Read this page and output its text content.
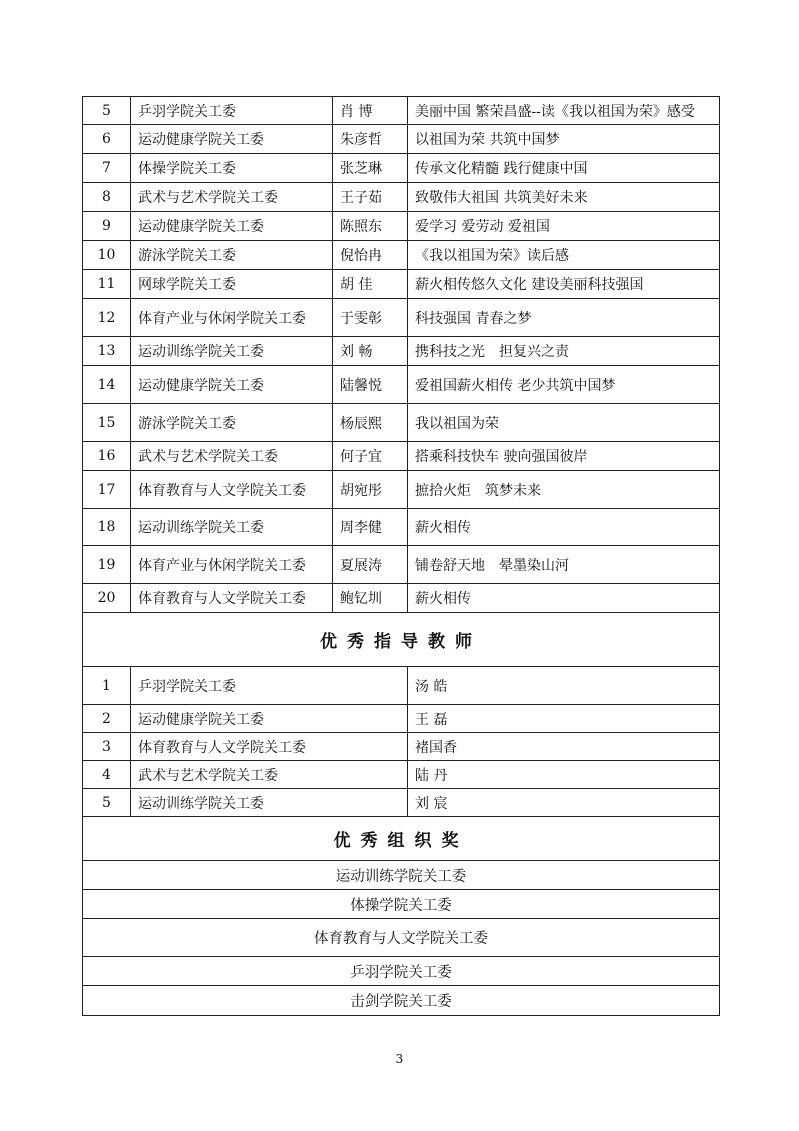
5	乒羽学院关工委	肖 博	美丽中国 繁荣昌盛--读《我以祖国为荣》感受
6	运动健康学院关工委	朱彦哲	以祖国为荣 共筑中国梦
7	体操学院关工委	张芝琳	传承文化精髓 践行健康中国
8	武术与艺术学院关工委	王子茹	致敬伟大祖国 共筑美好未来
9	运动健康学院关工委	陈照东	爱学习 爱劳动 爱祖国
10	游泳学院关工委	倪怡冉	《我以祖国为荣》读后感
11	网球学院关工委	胡 佳	薪火相传悠久文化 建设美丽科技强国
12	体育产业与休闲学院关工委	于雯彰	科技强国 青春之梦
13	运动训练学院关工委	刘 畅	携科技之光　担复兴之责
14	运动健康学院关工委	陆馨悦	爱祖国薪火相传 老少共筑中国梦
15	游泳学院关工委	杨辰熙	我以祖国为荣
16	武术与艺术学院关工委	何子宜	搭乘科技快车 驶向强国彼岸
17	体育教育与人文学院关工委	胡宛彤	摭拾火炬　筑梦未来
18	运动训练学院关工委	周李健	薪火相传
19	体育产业与休闲学院关工委	夏展涛	铺卷舒天地　晕墨染山河
20	体育教育与人文学院关工委	鲍钇圳	薪火相传
优秀指导教师			
1	乒羽学院关工委		汤 皓
2	运动健康学院关工委		王 磊
3	体育教育与人文学院关工委		褚国香
4	武术与艺术学院关工委		陆 丹
5	运动训练学院关工委		刘 宸
优秀组织奖			
运动训练学院关工委			
体操学院关工委			
体育教育与人文学院关工委			
乒羽学院关工委			
击剑学院关工委			
3
